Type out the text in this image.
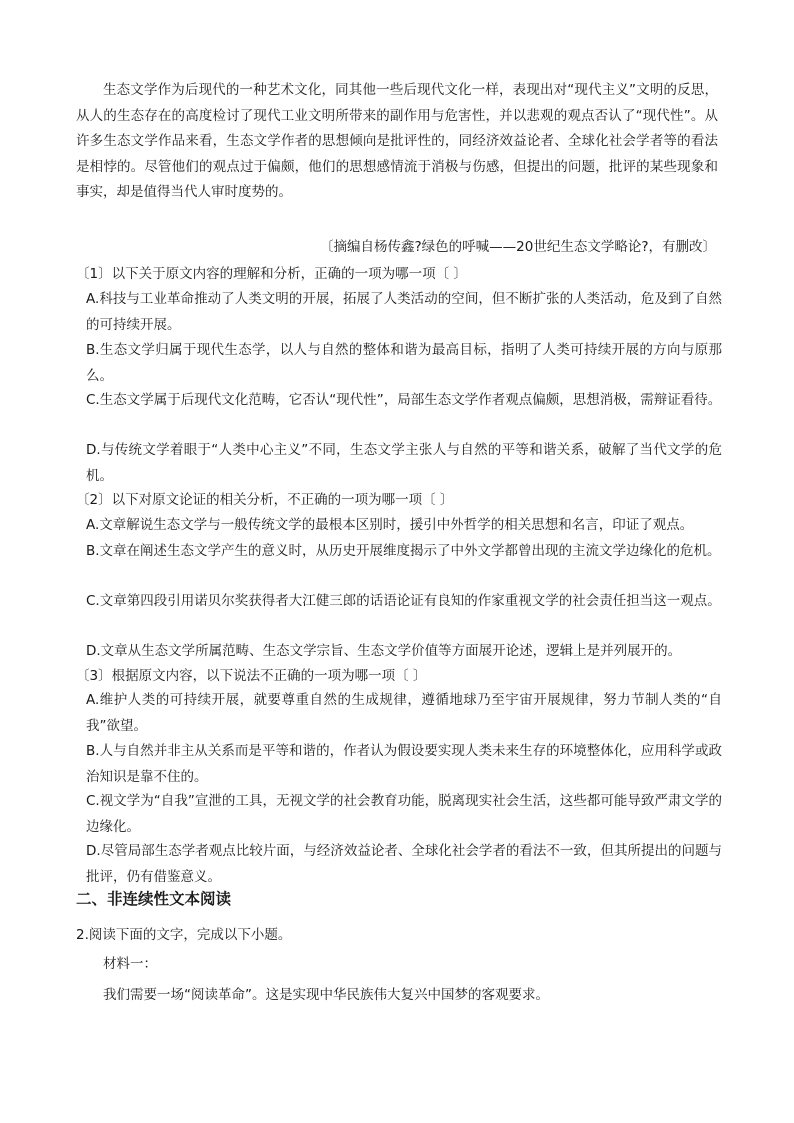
生态文学作为后现代的一种艺术文化，同其他一些后现代文化一样，表现出对“现代主义”文明的反思，从人的生态存在的高度检讨了现代工业文明所带来的副作用与危害性，并以悲观的观点否认了“现代性”。从许多生态文学作品来看，生态文学作者的思想倾向是批评性的，同经济效益论者、全球化社会学者等的看法是相悖的。尽管他们的观点过于偏颇，他们的思想感情流于消极与伤感，但提出的问题，批评的某些现象和事实，却是值得当代人审时度势的。

〔摘编自杨传鑫?绿色的呼喊——20世纪生态文学略论?，有删改〕

〔1〕以下关于原文内容的理解和分析，正确的一项为哪一项〔 〕

A.科技与工业革命推动了人类文明的开展，拓展了人类活动的空间，但不断扩张的人类活动，危及到了自然的可持续开展。

B.生态文学归属于现代生态学，以人与自然的整体和谐为最高目标，指明了人类可持续开展的方向与原那么。

C.生态文学属于后现代文化范畴，它否认“现代性”，局部生态文学作者观点偏颇，思想消极，需辩证看待。

D.与传统文学着眼于“人类中心主义”不同，生态文学主张人与自然的平等和谐关系，破解了当代文学的危机。

〔2〕以下对原文论证的相关分析，不正确的一项为哪一项〔 〕

A.文章解说生态文学与一般传统文学的最根本区别时，援引中外哲学的相关思想和名言，印证了观点。

B.文章在阐述生态文学产生的意义时，从历史开展维度揭示了中外文学都曾出现的主流文学边缘化的危机。

C.文章第四段引用诺贝尔奖获得者大江健三郎的话语论证有良知的作家重视文学的社会责任担当这一观点。

D.文章从生态文学所属范畴、生态文学宗旨、生态文学价值等方面展开论述，逻辑上是并列展开的。

〔3〕根据原文内容，以下说法不正确的一项为哪一项〔 〕

A.维护人类的可持续开展，就要尊重自然的生成规律，遵循地球乃至宇宙开展规律，努力节制人类的“自我”欲望。

B.人与自然并非主从关系而是平等和谐的，作者认为假设要实现人类未来生存的环境整体化，应用科学或政治知识是靠不住的。

C.视文学为“自我”宣泄的工具，无视文学的社会教育功能，脱离现实社会生活，这些都可能导致严肃文学的边缘化。

D.尽管局部生态学者观点比较片面，与经济效益论者、全球化社会学者的看法不一致，但其所提出的问题与批评，仍有借鉴意义。

二、非连续性文本阅读

2.阅读下面的文字，完成以下小题。

材料一：

我们需要一场“阅读革命”。这是实现中华民族伟大复兴中国梦的客观要求。
